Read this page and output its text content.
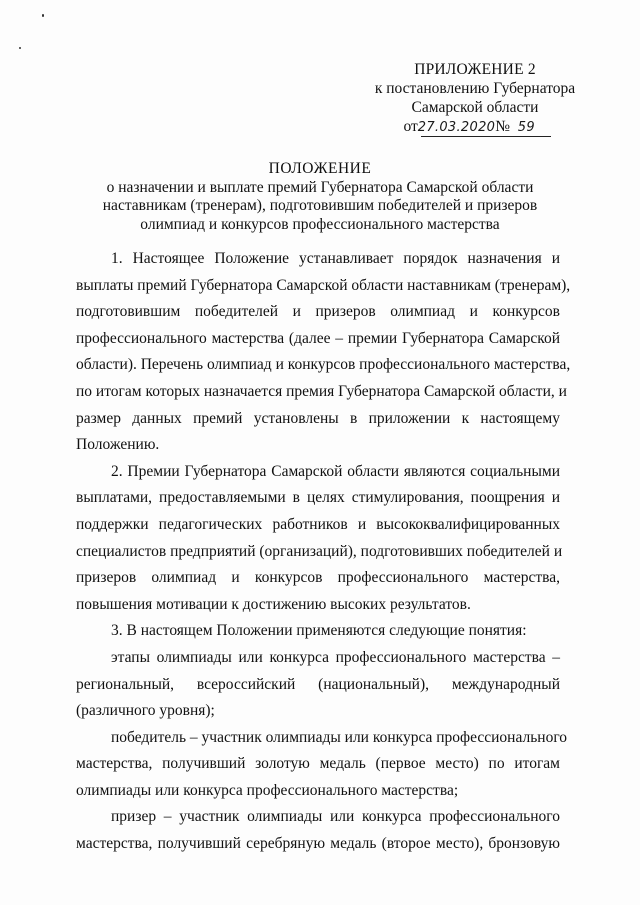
ПРИЛОЖЕНИЕ 2
к постановлению Губернатора
Самарской области
от27.03.2020№ 59
ПОЛОЖЕНИЕ
о назначении и выплате премий Губернатора Самарской области
наставникам (тренерам), подготовившим победителей и призеров
олимпиад и конкурсов профессионального мастерства
1. Настоящее Положение устанавливает порядок назначения и
выплаты премий Губернатора Самарской области наставникам (тренерам),
подготовившим победителей и призеров олимпиад и конкурсов
профессионального мастерства (далее – премии Губернатора Самарской
области). Перечень олимпиад и конкурсов профессионального мастерства,
по итогам которых назначается премия Губернатора Самарской области, и
размер данных премий установлены в приложении к настоящему
Положению.
2. Премии Губернатора Самарской области являются социальными
выплатами, предоставляемыми в целях стимулирования, поощрения и
поддержки педагогических работников и высококвалифицированных
специалистов предприятий (организаций), подготовивших победителей и
призеров олимпиад и конкурсов профессионального мастерства,
повышения мотивации к достижению высоких результатов.
3. В настоящем Положении применяются следующие понятия:
этапы олимпиады или конкурса профессионального мастерства –
региональный, всероссийский (национальный), международный
(различного уровня);
победитель – участник олимпиады или конкурса профессионального
мастерства, получивший золотую медаль (первое место) по итогам
олимпиады или конкурса профессионального мастерства;
призер – участник олимпиады или конкурса профессионального
мастерства, получивший серебряную медаль (второе место), бронзовую
